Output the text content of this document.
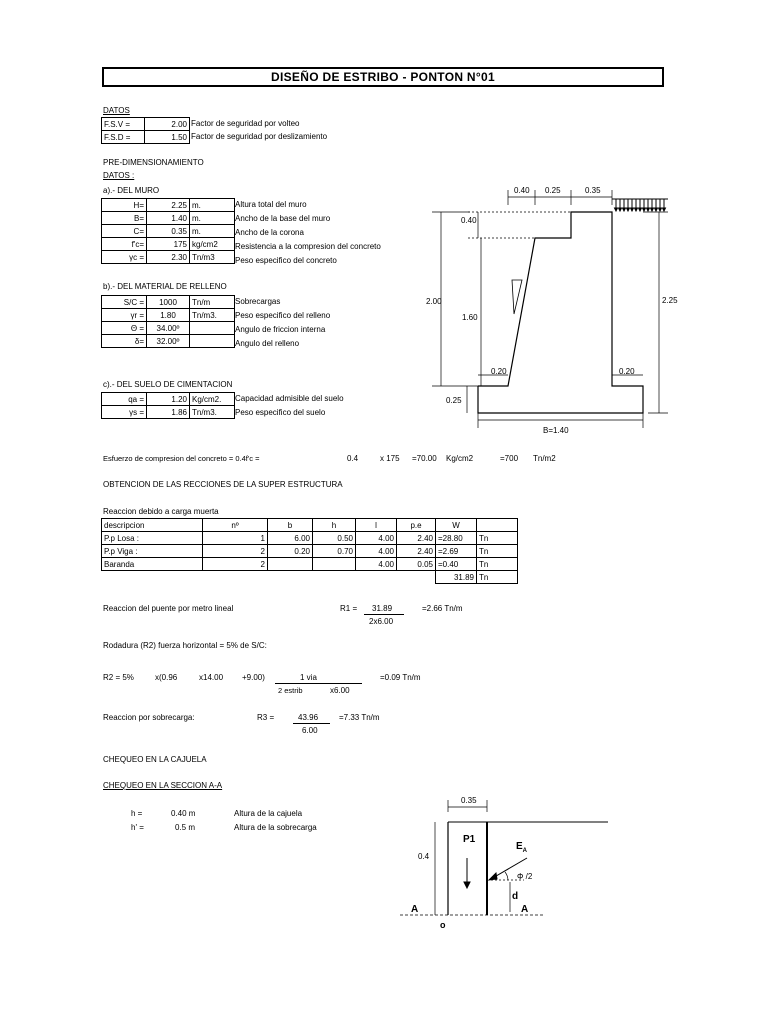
DISEÑO DE ESTRIBO - PONTON N°01
DATOS
F.S.V =	2.00
F.S.D =	1.50
Factor de seguridad por volteo
Factor de seguridad por deslizamiento
PRE-DIMENSIONAMIENTO
DATOS :
a).- DEL MURO
H=	2.25	m.
B=	1.40	m.
C=	0.35	m.
f'c=	175	kg/cm2
γc =	2.30	Tn/m3
Altura total del muro
Ancho de la base del muro
Ancho de la corona
Resistencia a la compresion del concreto
Peso especifico del concreto
b).- DEL MATERIAL DE RELLENO
S/C =	1000	Tn/m
γr =	1.80	Tn/m3.
Θ =	34.00º	
δ=	32.00º	
Sobrecargas
Peso especifico del relleno
Angulo de friccion interna
Angulo del relleno
c).- DEL SUELO DE CIMENTACION
qa =	1.20	Kg/cm2.
γs =	1.86	Tn/m3.
Capacidad admisible del suelo
Peso especifico del suelo
Esfuerzo de compresion del concreto = 0.4f'c =	0.4	x 175 =70.00 Kg/cm2	=700 Tn/m2
OBTENCION DE LAS RECCIONES DE LA SUPER ESTRUCTURA
Reaccion debido a carga muerta
descripcion	nº	b	h	l	p.e	W	
P.p Losa :	1	6.00	0.50	4.00	2.40	=28.80	Tn
P.p Viga :	2	0.20	0.70	4.00	2.40	=2.69	Tn
Baranda	2			4.00	0.05	=0.40	Tn
						31.89	Tn
Reaccion del puente por metro lineal	R1 = 31.89
2x6.00
=2.66 Tn/m
Rodadura (R2) fuerza horizontal = 5% de S/C:
R2 = 5%	x(0.96	x14.00 +9.00)	1 via
2 estrib	x6.00
=0.09 Tn/m
Reaccion por sobrecarga:	R3 =	43.96
6.00
=7.33 Tn/m
CHEQUEO EN LA CAJUELA
CHEQUEO EN LA SECCION A-A
h =	0.40 m	Altura de la cajuela
h' =	0.5 m	Altura de la sobrecarga
0.40 0.25	0.35
0.40
2.00
1.60
2.25
0.20	0.20
0.25
B=1.40
0.35
0.4
P1
$E_A$
Φ /2
d
A	A
o
